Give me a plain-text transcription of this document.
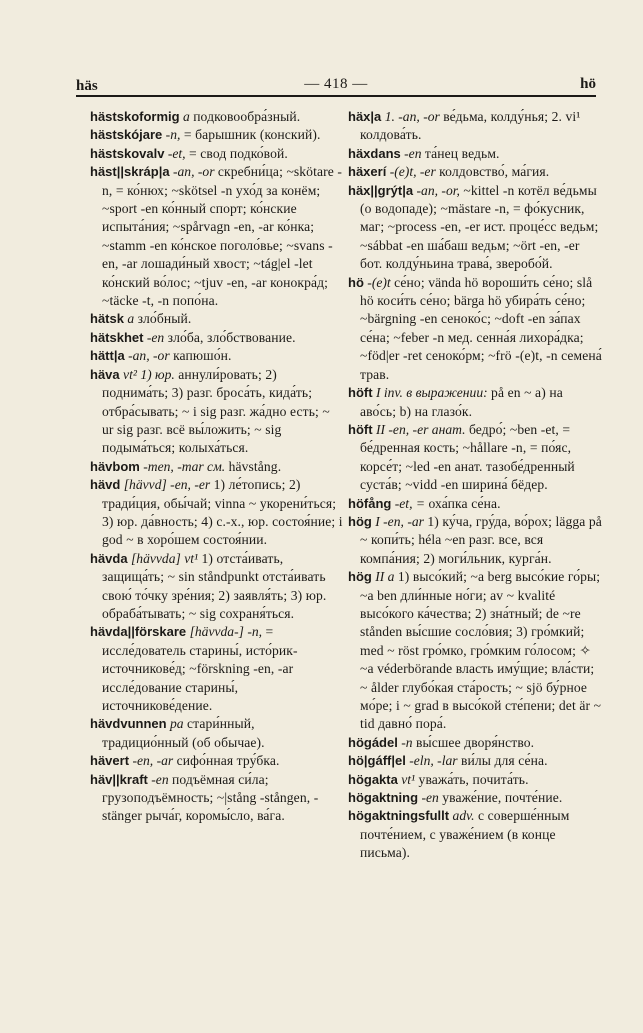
häs	— 418 —	hö

hästskoformig a подковообра́зный.

hästskójare -n, = барышник (конский).

hästskovalv -et, = свод подко́вой.

häst||skráp|a -an, -or скребни́ца; ~skötare -n, = ко́нюх; ~skötsel -n ухо́д за конём; ~sport -en ко́нный спорт; ко́нские испыта́ния; ~spårvagn -en, -ar ко́нка; ~stamm -en ко́нское поголо́вье; ~svans -en, -ar лошади́ный хвост; ~tág|el -let ко́нский во́лос; ~tjuv -en, -ar конокра́д; ~täcke -t, -n попо́на.

hätsk a зло́бный.

hätskhet -en зло́ба, зло́бствование.

hätt|a -an, -or капюшо́н.

häva vt² 1) юр. аннули́ровать; 2) поднима́ть; 3) разг. броса́ть, кида́ть; отбра́сывать; ~ i sig разг. жа́дно есть; ~ ur sig разг. всё вы́ложить; ~ sig подыма́ться; колыха́ться.

hävbom -men, -mar см. hävstång.

hävd [hävvd] -en, -er 1) ле́топись; 2) тради́ция, обы́чай; vinna ~ укорени́ться; 3) юр. да́вность; 4) с.-х., юр. состоя́ние; i god ~ в хоро́шем состоя́нии.

hävda [hävvda] vt¹ 1) отста́ивать, защища́ть; ~ sin ståndpunkt отста́ивать свою́ то́чку зре́ния; 2) заявля́ть; 3) юр. обраба́тывать; ~ sig сохраня́ться.

hävda||förskare [hävvda-] -n, = иссле́дователь старины́, исто́рик-источникове́д; ~förskning -en, -ar иссле́дование старины́, источникове́дение.

hävdvunnen pa стари́нный, традицио́нный (об обычае).

hävert -en, -ar сифо́нная тру́бка.

häv||kraft -en подъёмная си́ла; грузоподъёмность; ~|stång -stången, -stänger рыча́г, коромы́сло, ва́га.

häx|a 1. -an, -or ве́дьма, колду́нья; 2. vi¹ колдова́ть.

häxdans -en та́нец ведьм.

häxerí -(e)t, -er колдовство́, ма́гия.

häx||grýt|a -an, -or, ~kittel -n котёл ве́дьмы (о водопаде); ~mästare -n, = фо́кусник, маг; ~process -en, -er ист. проце́сс ведьм; ~sábbat -en ша́баш ведьм; ~ört -en, -er бот. колду́ньина трава́, зверобо́й.

hö -(e)t се́но; vända hö вороши́ть се́но; slå hö коси́ть се́но; bärga hö убира́ть се́но; ~bärgning -en сеноко́с; ~doft -en за́пах се́на; ~feber -n мед. сенна́я лихора́дка; ~föd|er -ret сеноко́рм; ~frö -(e)t, -n семена́ трав.

höft I inv. в выражении: på en ~ a) на аво́сь; b) на глазо́к.

höft II -en, -er анат. бедро́; ~ben -et, = бе́дренная кость; ~hållare -n, = по́яс, корсе́т; ~led -en анат. тазобе́дренный суста́в; ~vidd -en ширина́ бёдер.

höfång -et, = оха́пка се́на.

hög I -en, -ar 1) ку́ча, гру́да, во́рох; lägga på ~ копи́ть; héla ~en разг. все, вся компа́ния; 2) моги́льник, курга́н.

hög II a 1) высо́кий; ~a berg высо́кие го́ры; ~a ben дли́нные но́ги; av ~ kvalité высо́кого ка́чества; 2) зна́тный; de ~re stånden вы́сшие сосло́вия; 3) гро́мкий; med ~ röst гро́мко, гро́мким го́лосом; ✧ ~a véderbörande власть иму́щие; вла́сти; ~ ålder глубо́кая ста́рость; ~ sjö бу́рное мо́ре; i ~ grad в высо́кой сте́пени; det är ~ tid давно́ пора́.

högádel -n вы́сшее дворя́нство.

hö|gáff|el -eln, -lar ви́лы для се́на.

högakta vt¹ уважа́ть, почита́ть.

högaktning -en уваже́ние, почте́ние.

högaktningsfullt adv. с соверше́нным почте́нием, с уваже́нием (в конце письма).
